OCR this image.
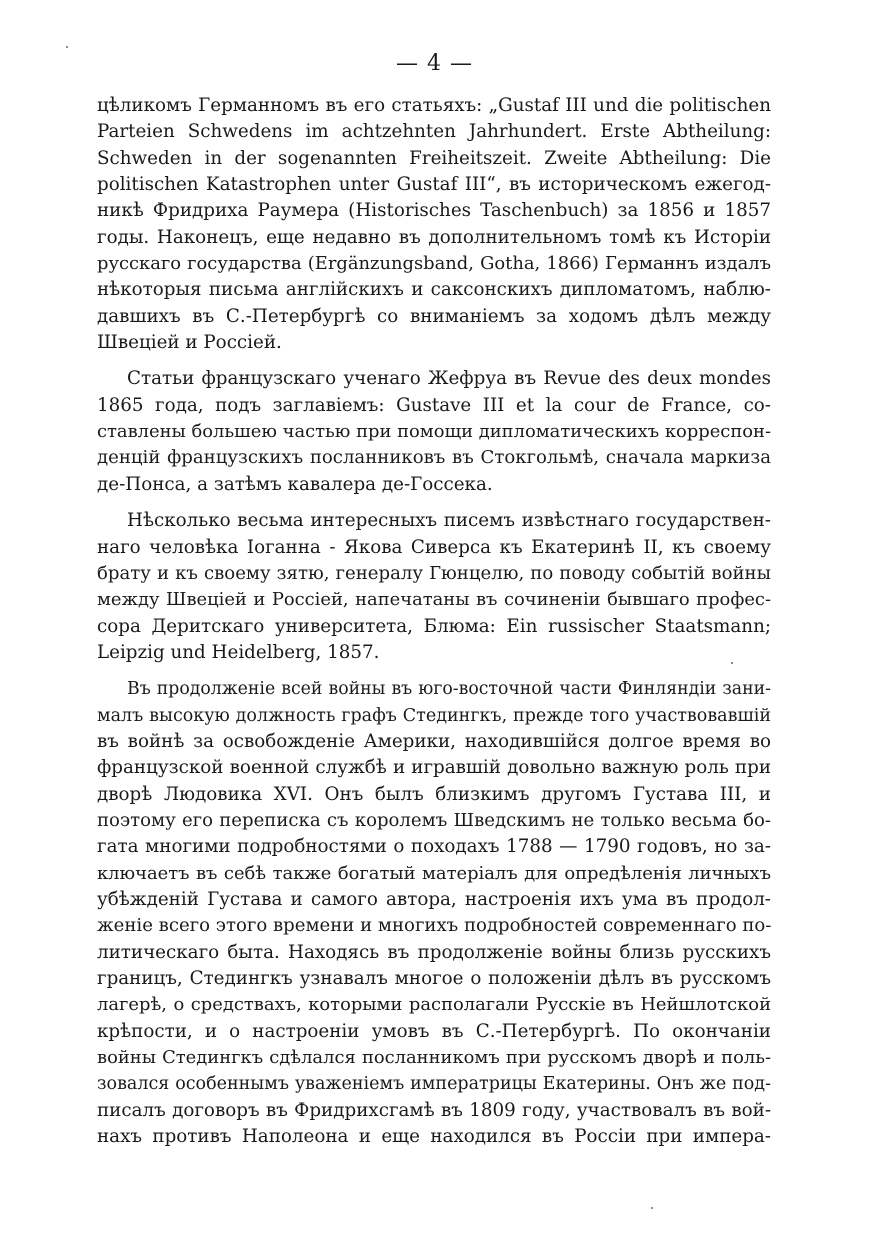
— 4 —
цѣликомъ Германномъ въ его статьяхъ: „Gustaf III und die politischen
Parteien Schwedens im achtzehnten Jahrhundert. Erste Abtheilung:
Schweden in der sogenannten Freiheitszeit. Zweite Abtheilung: Die
politischen Katastrophen unter Gustaf III“, въ историческомъ ежегод-
никѣ Фридриха Раумера (Historisches Taschenbuch) за 1856 и 1857
годы. Наконецъ, еще недавно въ дополнительномъ томѣ къ Исторіи
русскаго государства (Ergänzungsband, Gotha, 1866) Германнъ издалъ
нѣкоторыя письма англійскихъ и саксонскихъ дипломатомъ, наблю-
давшихъ въ С.-Петербургѣ со вниманіемъ за ходомъ дѣлъ между
Швеціей и Россіей.
Статьи французскаго ученаго Жефруа въ Revue des deux mondes
1865 года, подъ заглавіемъ: Gustave III et la cour de France, со-
ставлены большею частью при помощи дипломатическихъ корреспон-
денцій французскихъ посланниковъ въ Стокгольмѣ, сначала маркиза
де-Понса, а затѣмъ кавалера де-Госсека.
Нѣсколько весьма интересныхъ писемъ извѣстнаго государствен-
наго человѣка Іоганна - Якова Сиверса къ Екатеринѣ II, къ своему
брату и къ своему зятю, генералу Гюнцелю, по поводу событій войны
между Швеціей и Россіей, напечатаны въ сочиненіи бывшаго профес-
сора Деритскаго университета, Блюма: Ein russischer Staatsmann;
Leipzig und Heidelberg, 1857.
Въ продолженіе всей войны въ юго-восточной части Финляндіи зани-
малъ высокую должность графъ Стедингкъ, прежде того участвовавшій
въ войнѣ за освобожденіе Америки, находившійся долгое время во
французской военной службѣ и игравшій довольно важную роль при
дворѣ Людовика XVI. Онъ былъ близкимъ другомъ Густава III, и
поэтому его переписка съ королемъ Шведскимъ не только весьма бо-
гата многими подробностями о походахъ 1788 — 1790 годовъ, но за-
ключаетъ въ себѣ также богатый матеріалъ для опредѣленія личныхъ
убѣжденій Густава и самого автора, настроенія ихъ ума въ продол-
женіе всего этого времени и многихъ подробностей современнаго по-
литическаго быта. Находясь въ продолженіе войны близь русскихъ
границъ, Стедингкъ узнавалъ многое о положеніи дѣлъ въ русскомъ
лагерѣ, о средствахъ, которыми располагали Русскіе въ Нейшлотской
крѣпости, и о настроеніи умовъ въ С.-Петербургѣ. По окончаніи
войны Стедингкъ сдѣлался посланникомъ при русскомъ дворѣ и поль-
зовался особеннымъ уваженіемъ императрицы Екатерины. Онъ же под-
писалъ договоръ въ Фридрихсгамѣ въ 1809 году, участвовалъ въ вой-
нахъ противъ Наполеона и еще находился въ Россіи при импера-
